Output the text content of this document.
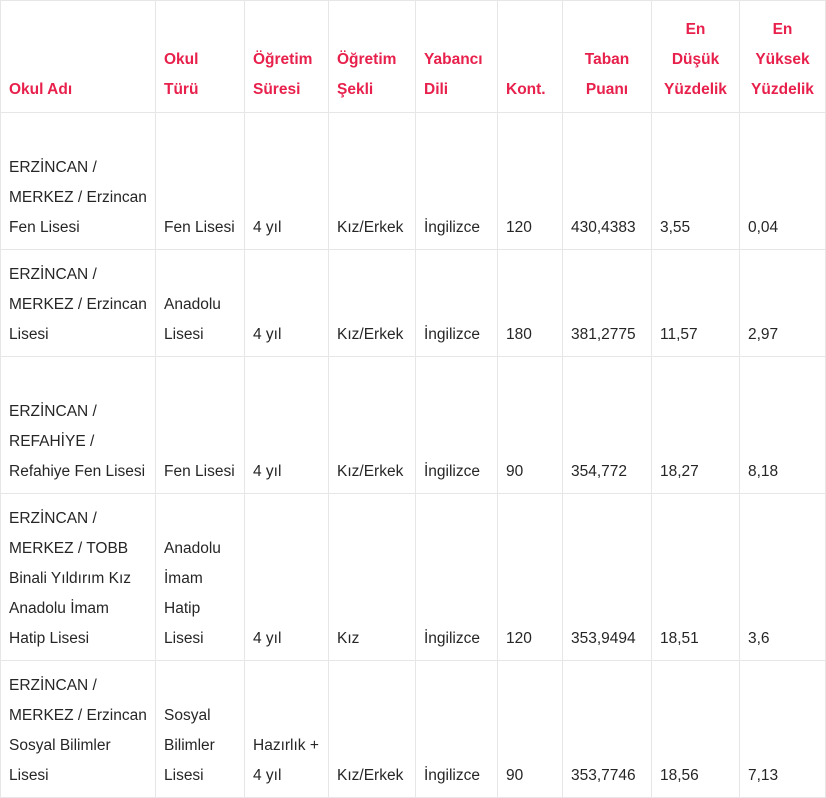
Okul Adı	Okul Türü	Öğretim Süresi	Öğretim Şekli	Yabancı Dili	Kont.	Taban Puanı	En Düşük Yüzdelik	En Yüksek Yüzdelik
ERZİNCAN / MERKEZ / Erzincan Fen Lisesi	Fen Lisesi	4 yıl	Kız/Erkek	İngilizce	120	430,4383	3,55	0,04
ERZİNCAN / MERKEZ / Erzincan Lisesi	Anadolu Lisesi	4 yıl	Kız/Erkek	İngilizce	180	381,2775	11,57	2,97
ERZİNCAN / REFAHİYE / Refahiye Fen Lisesi	Fen Lisesi	4 yıl	Kız/Erkek	İngilizce	90	354,772	18,27	8,18
ERZİNCAN / MERKEZ / TOBB Binali Yıldırım Kız Anadolu İmam Hatip Lisesi	Anadolu İmam Hatip Lisesi	4 yıl	Kız	İngilizce	120	353,9494	18,51	3,6
ERZİNCAN / MERKEZ / Erzincan Sosyal Bilimler Lisesi	Sosyal Bilimler Lisesi	Hazırlık + 4 yıl	Kız/Erkek	İngilizce	90	353,7746	18,56	7,13
